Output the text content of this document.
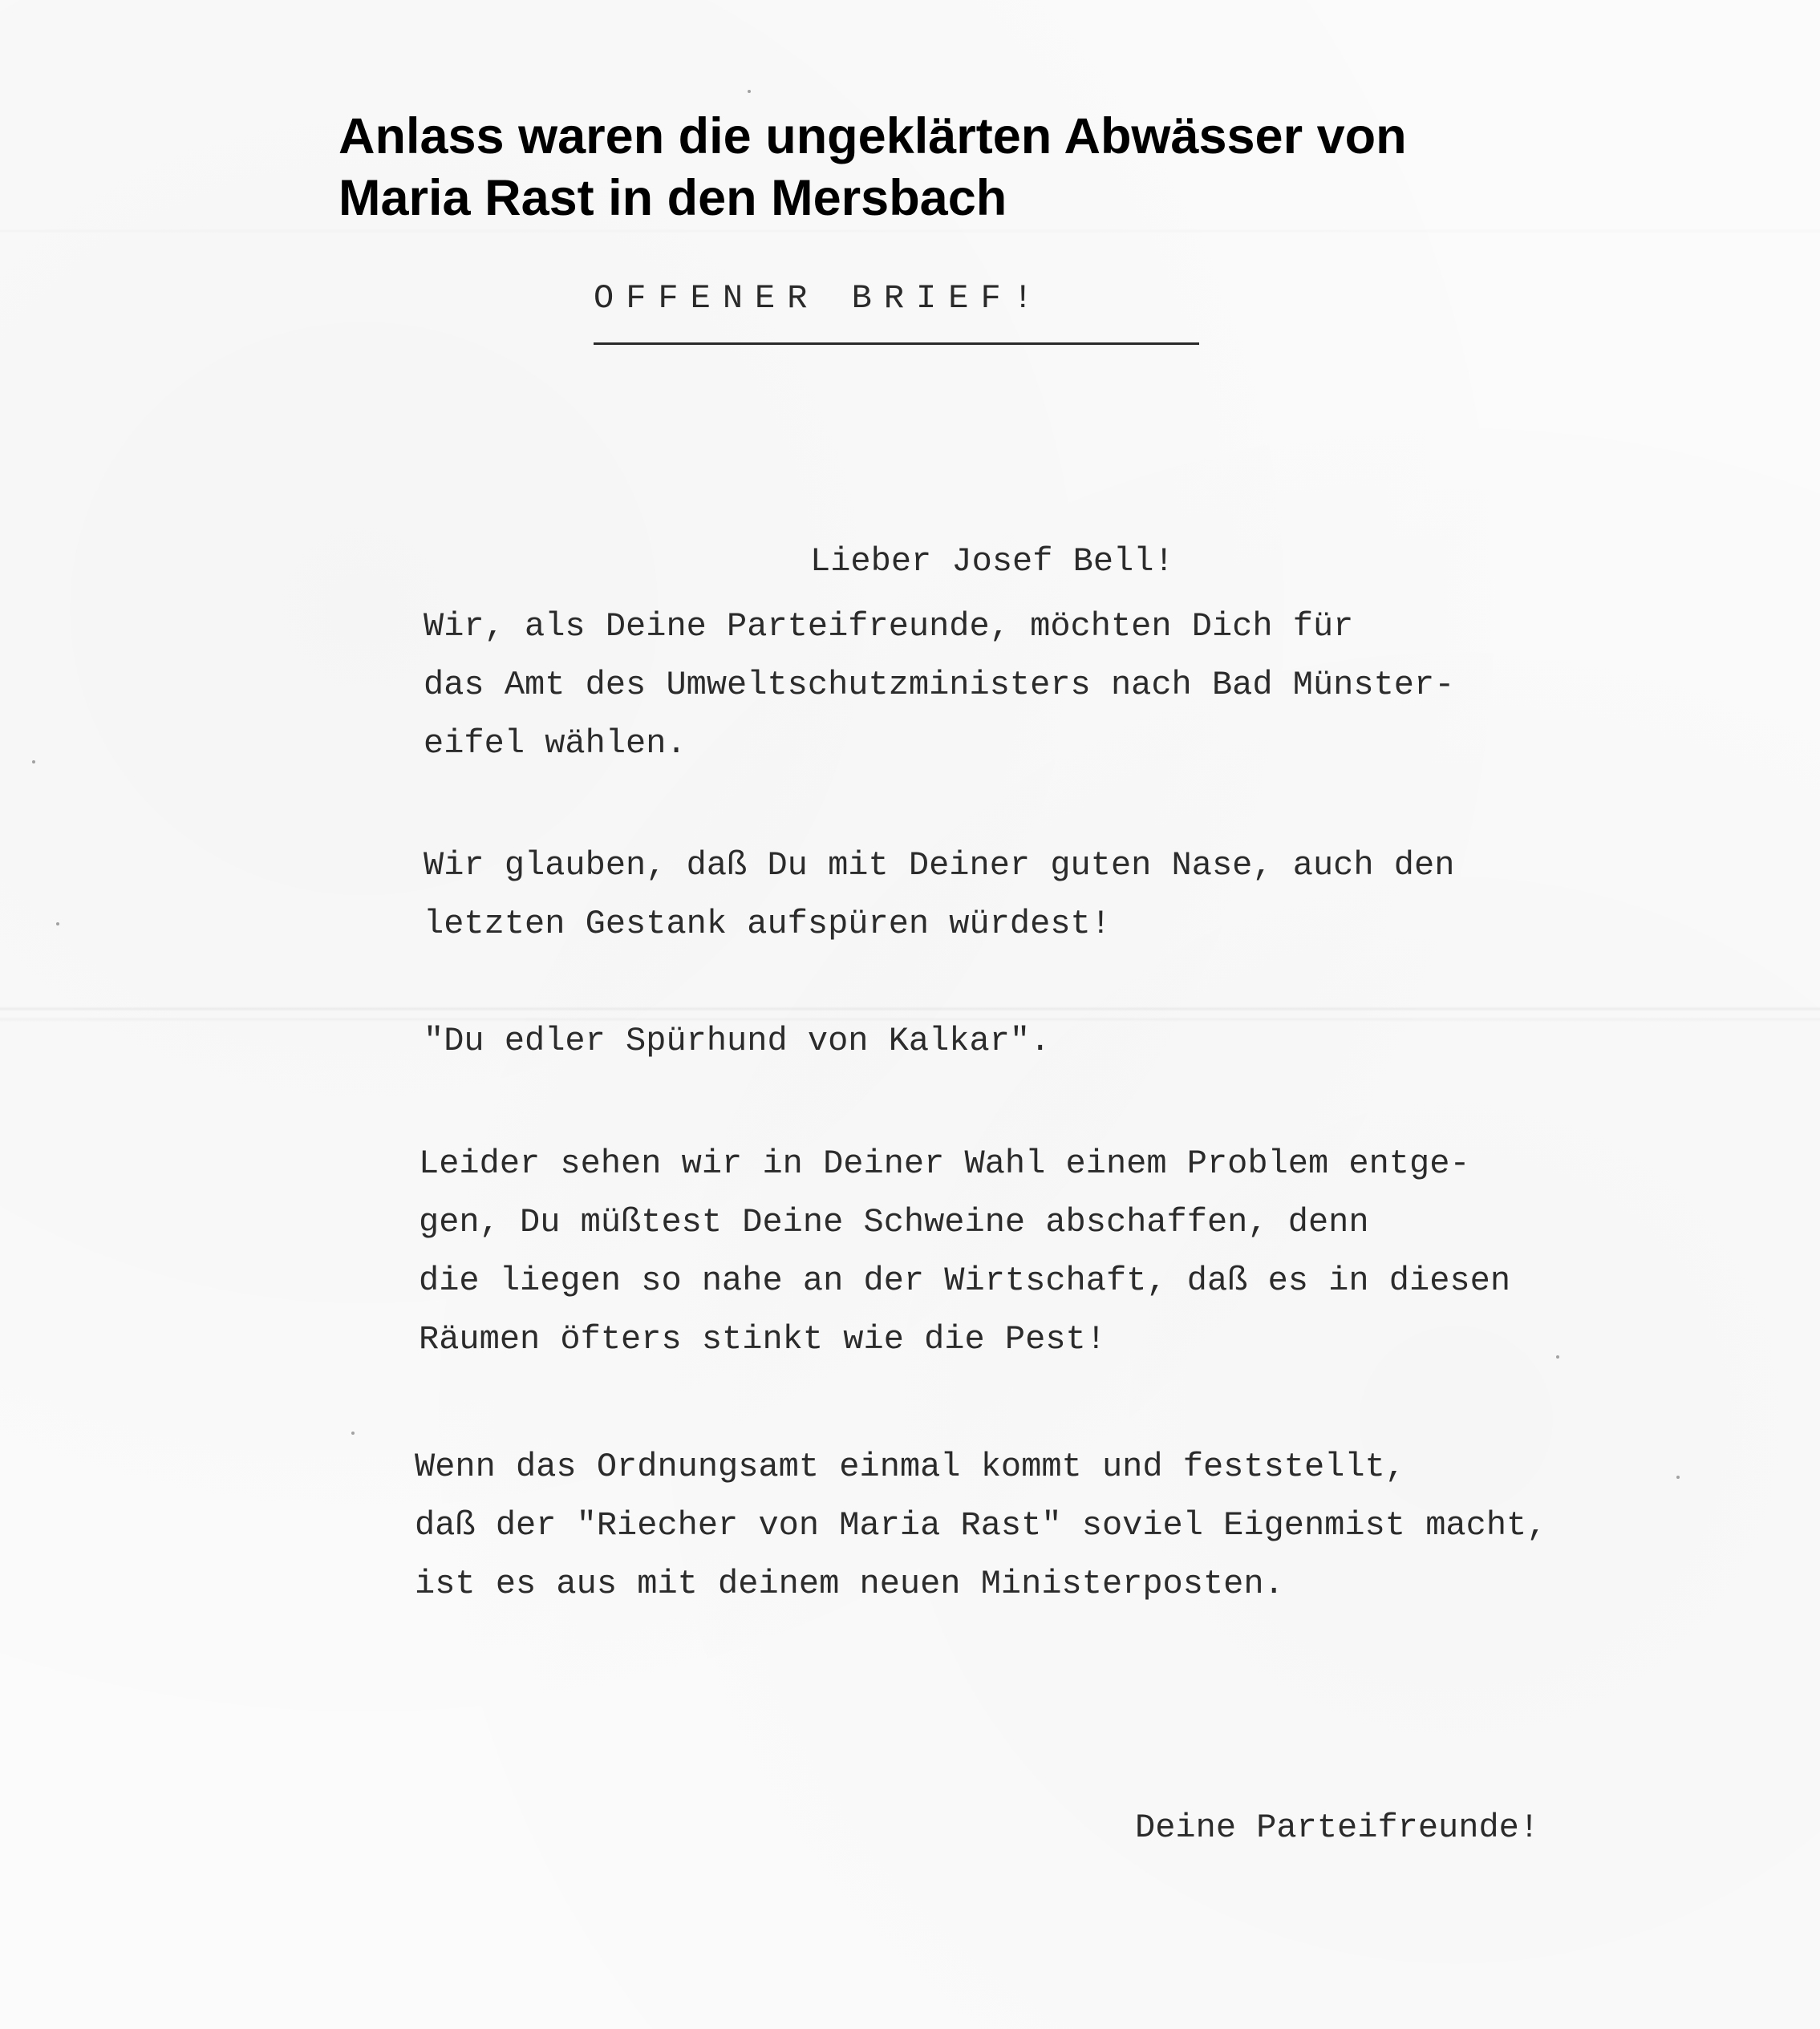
Anlass waren die ungeklärten Abwässer von
Maria Rast in den Mersbach
OFFENER BRIEF!
Lieber Josef Bell!
Wir, als Deine Parteifreunde, möchten Dich für
das Amt des Umweltschutzministers nach Bad Münster-
eifel wählen.
Wir glauben, daß Du mit Deiner guten Nase, auch den
letzten Gestank aufspüren würdest!
"Du edler Spürhund von Kalkar".
Leider sehen wir in Deiner Wahl einem Problem entge-
gen, Du müßtest Deine Schweine abschaffen, denn
die liegen so nahe an der Wirtschaft, daß es in diesen
Räumen öfters stinkt wie die Pest!
Wenn das Ordnungsamt einmal kommt und feststellt,
daß der "Riecher von Maria Rast" soviel Eigenmist macht,
ist es aus mit deinem neuen Ministerposten.
Deine Parteifreunde!
